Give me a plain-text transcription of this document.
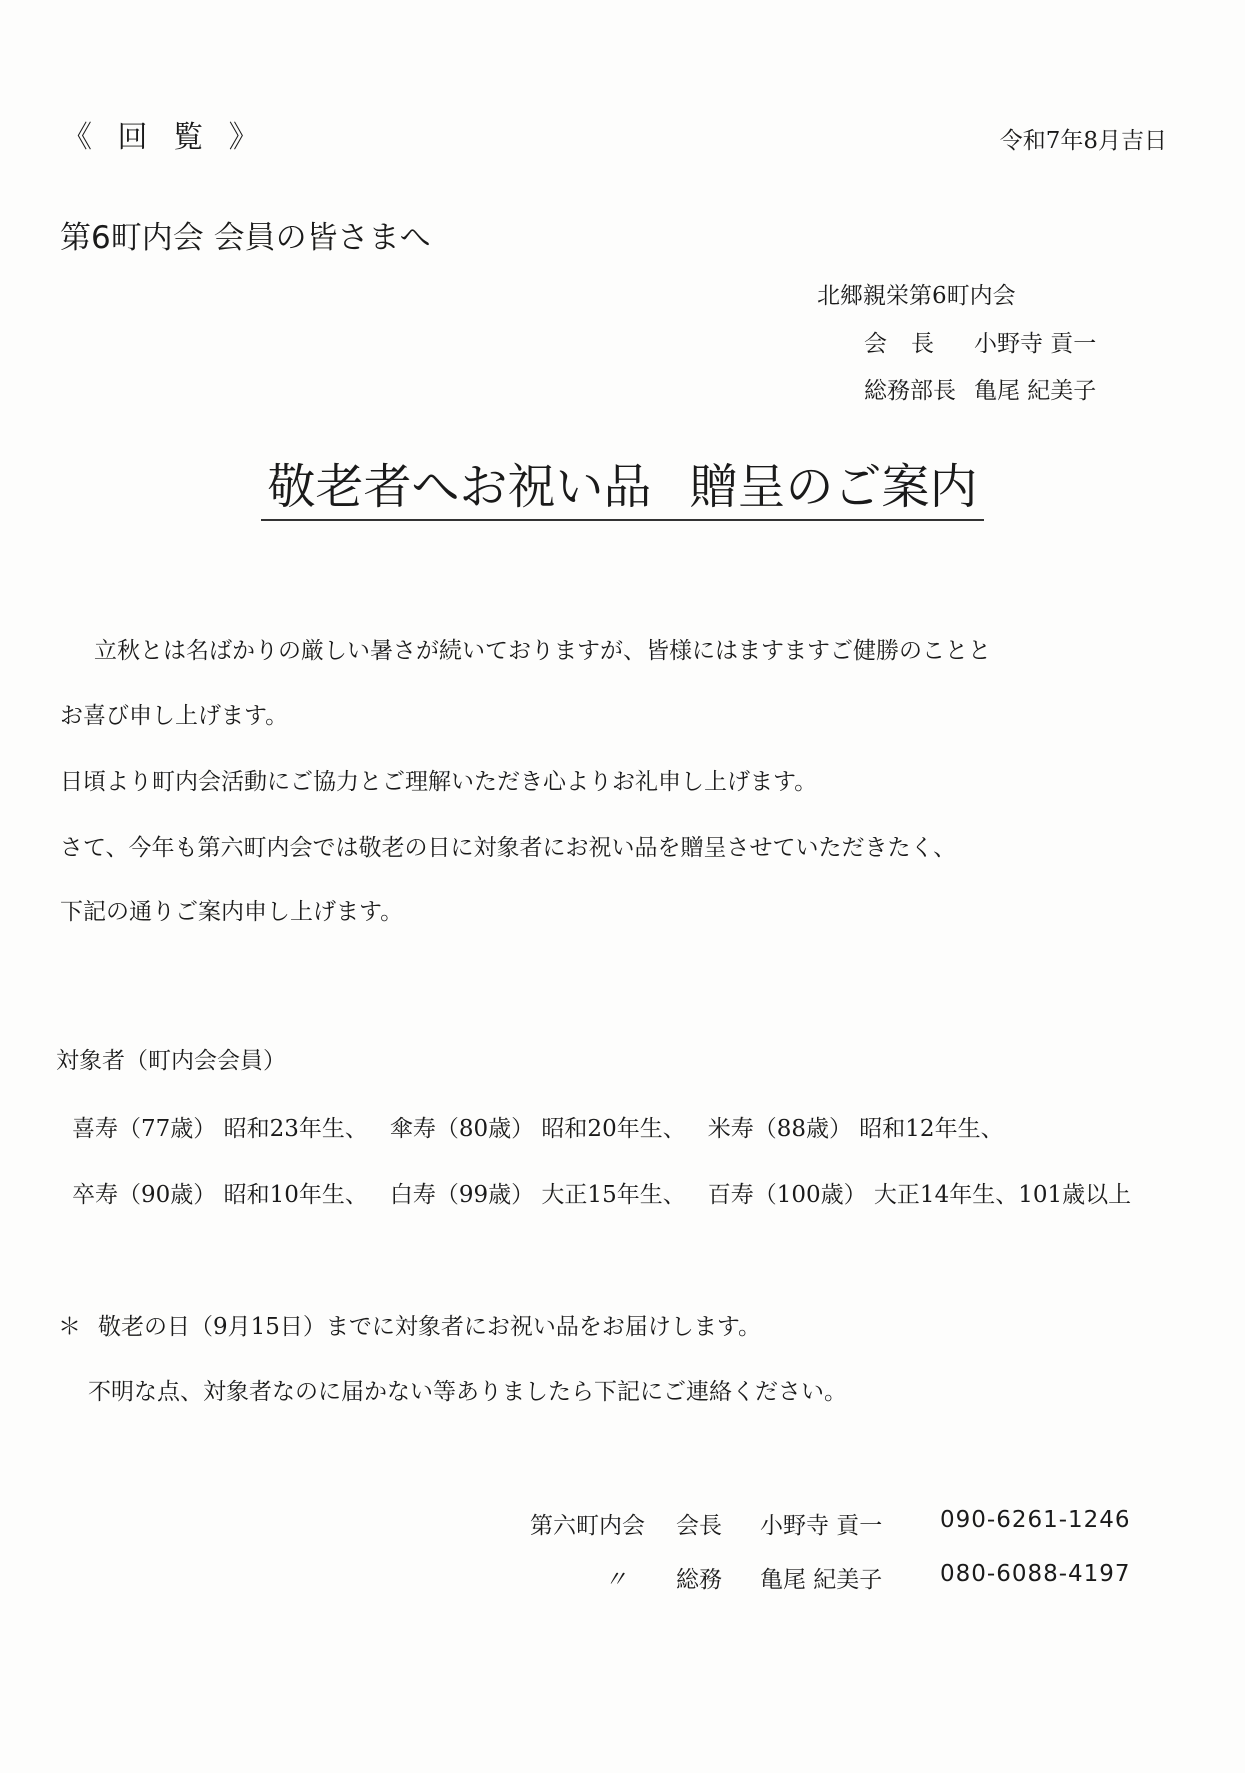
《 回 覧 》	令和7年8月吉日
第6町内会 会員の皆さまへ
北郷親栄第6町内会
会長 小野寺 貢一
総務部長 亀尾 紀美子
敬老者へお祝い品 贈呈のご案内
立秋とは名ばかりの厳しい暑さが続いておりますが、皆様にはますますご健勝のことと
お喜び申し上げます。
日頃より町内会活動にご協力とご理解いただき心よりお礼申し上げます。
さて、今年も第六町内会では敬老の日に対象者にお祝い品を贈呈させていただきたく、
下記の通りご案内申し上げます。
対象者（町内会会員）
喜寿（77歳） 昭和23年生、 傘寿（80歳） 昭和20年生、 米寿（88歳） 昭和12年生、
卒寿（90歳） 昭和10年生、 白寿（99歳） 大正15年生、 百寿（100歳） 大正14年生、101歳以上
＊ 敬老の日（9月15日）までに対象者にお祝い品をお届けします。
不明な点、対象者なのに届かない等ありましたら下記にご連絡ください。
第六町内会 会長 小野寺 貢一	090-6261-1246
〃 総務 亀尾 紀美子	080-6088-4197
